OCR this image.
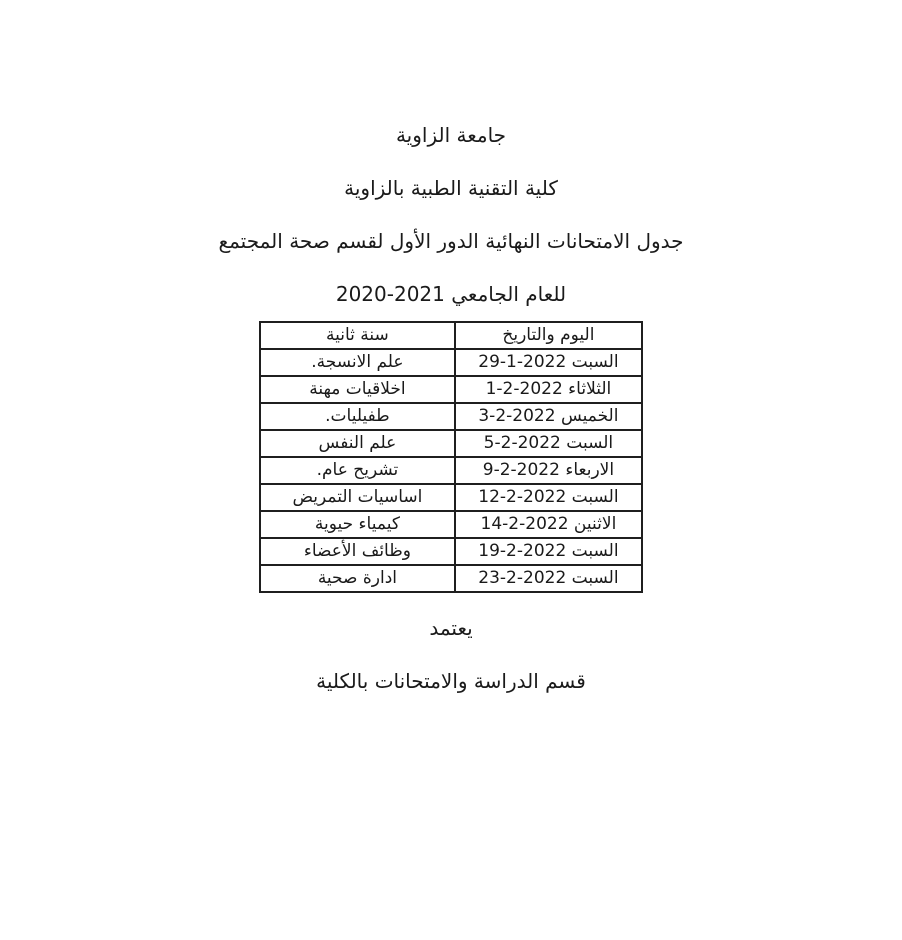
جامعة الزاوية
كلية التقنية الطبية بالزاوية
جدول الامتحانات النهائية الدور الأول لقسم صحة المجتمع
للعام الجامعي 2021-2020
اليوم والتاريخ	سنة ثانية
السبت 2022-1-29	علم الانسجة.
الثلاثاء 2022-2-1	اخلاقيات مهنة
الخميس 2022-2-3	طفيليات.
السبت 2022-2-5	علم النفس
الاربعاء 2022-2-9	تشريح عام.
السبت 2022-2-12	اساسيات التمريض
الاثنين 2022-2-14	كيمياء حيوية
السبت 2022-2-19	وظائف الأعضاء
السبت 2022-2-23	ادارة صحية
يعتمد
قسم الدراسة والامتحانات بالكلية
